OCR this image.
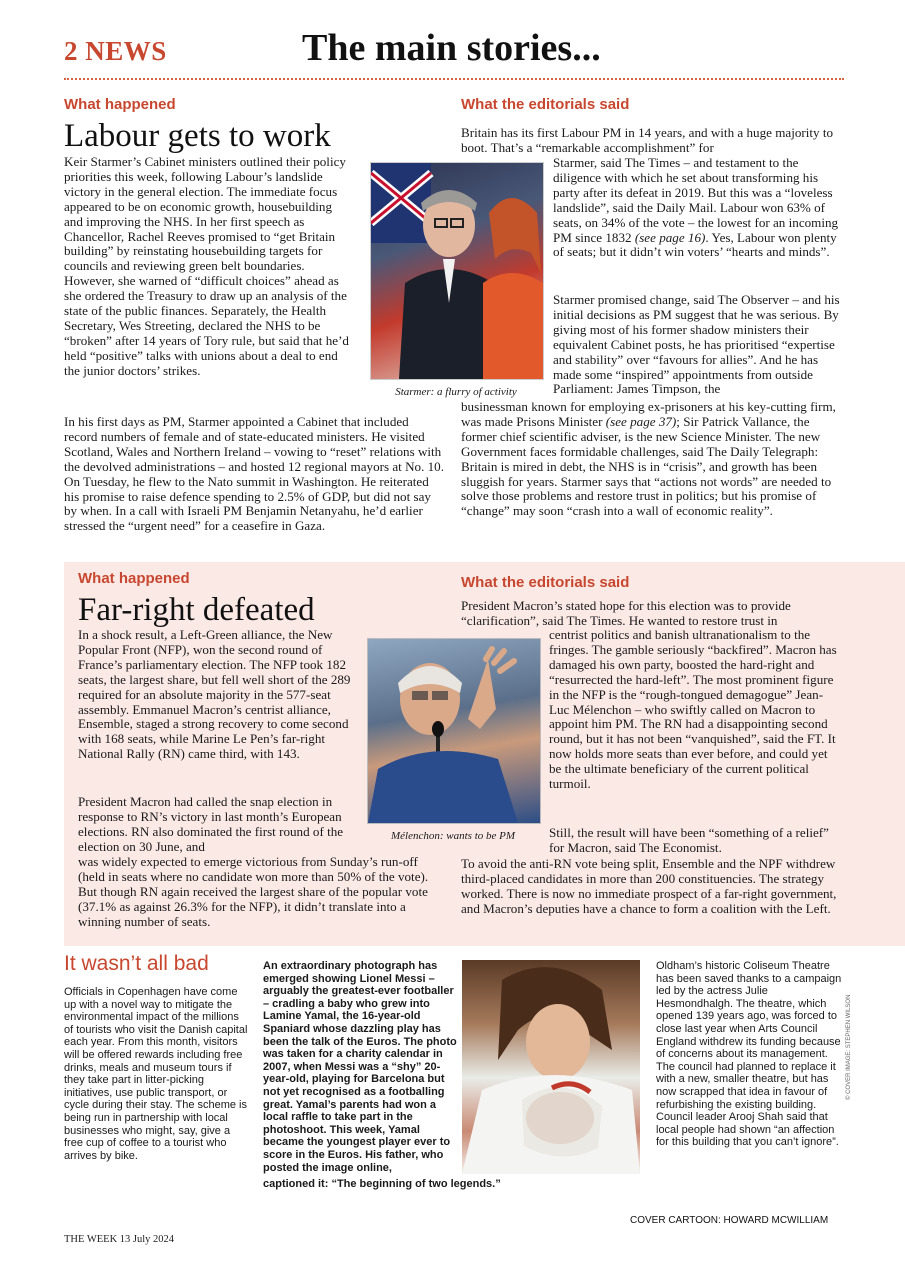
2 NEWS	The main stories...
What happened
Labour gets to work
Keir Starmer’s Cabinet ministers outlined their policy priorities this week, following Labour’s landslide victory in the general election. The immediate focus appeared to be on economic growth, housebuilding and improving the NHS. In her first speech as Chancellor, Rachel Reeves promised to “get Britain building” by reinstating housebuilding targets for councils and reviewing green belt boundaries. However, she warned of “difficult choices” ahead as she ordered the Treasury to draw up an analysis of the state of the public finances. Separately, the Health Secretary, Wes Streeting, declared the NHS to be “broken” after 14 years of Tory rule, but said that he’d held “positive” talks with unions about a deal to end the junior doctors’ strikes.
In his first days as PM, Starmer appointed a Cabinet that included record numbers of female and of state-educated ministers. He visited Scotland, Wales and Northern Ireland – vowing to “reset” relations with the devolved administrations – and hosted 12 regional mayors at No. 10. On Tuesday, he flew to the Nato summit in Washington. He reiterated his promise to raise defence spending to 2.5% of GDP, but did not say by when. In a call with Israeli PM Benjamin Netanyahu, he’d earlier stressed the “urgent need” for a ceasefire in Gaza.
Starmer: a flurry of activity
What the editorials said
Britain has its first Labour PM in 14 years, and with a huge majority to boot. That’s a “remarkable accomplishment” for
Starmer, said The Times – and testament to the diligence with which he set about transforming his party after its defeat in 2019. But this was a “loveless landslide”, said the Daily Mail. Labour won 63% of seats, on 34% of the vote – the lowest for an incoming PM since 1832 (see page 16). Yes, Labour won plenty of seats; but it didn’t win voters’ “hearts and minds”.
Starmer promised change, said The Observer – and his initial decisions as PM suggest that he was serious. By giving most of his former shadow ministers their equivalent Cabinet posts, he has prioritised “expertise and stability” over “favours for allies”. And he has made some “inspired” appointments from outside Parliament: James Timpson, the
businessman known for employing ex-prisoners at his key-cutting firm, was made Prisons Minister (see page 37); Sir Patrick Vallance, the former chief scientific adviser, is the new Science Minister. The new Government faces formidable challenges, said The Daily Telegraph: Britain is mired in debt, the NHS is in “crisis”, and growth has been sluggish for years. Starmer says that “actions not words” are needed to solve those problems and restore trust in politics; but his promise of “change” may soon “crash into a wall of economic reality”.
What happened
Far-right defeated
In a shock result, a Left-Green alliance, the New Popular Front (NFP), won the second round of France’s parliamentary election. The NFP took 182 seats, the largest share, but fell well short of the 289 required for an absolute majority in the 577-seat assembly. Emmanuel Macron’s centrist alliance, Ensemble, staged a strong recovery to come second with 168 seats, while Marine Le Pen’s far-right National Rally (RN) came third, with 143.
President Macron had called the snap election in response to RN’s victory in last month’s European elections. RN also dominated the first round of the election on 30 June, and
was widely expected to emerge victorious from Sunday’s run-off (held in seats where no candidate won more than 50% of the vote). But though RN again received the largest share of the popular vote (37.1% as against 26.3% for the NFP), it didn’t translate into a winning number of seats.
Mélenchon: wants to be PM
What the editorials said
President Macron’s stated hope for this election was to provide “clarification”, said The Times. He wanted to restore trust in
centrist politics and banish ultranationalism to the fringes. The gamble seriously “backfired”. Macron has damaged his own party, boosted the hard-right and “resurrected the hard-left”. The most prominent figure in the NFP is the “rough-tongued demagogue” Jean-Luc Mélenchon – who swiftly called on Macron to appoint him PM. The RN had a disappointing second round, but it has not been “vanquished”, said the FT. It now holds more seats than ever before, and could yet be the ultimate beneficiary of the current political turmoil.
Still, the result will have been “something of a relief” for Macron, said The Economist.
To avoid the anti-RN vote being split, Ensemble and the NPF withdrew third-placed candidates in more than 200 constituencies. The strategy worked. There is now no immediate prospect of a far-right government, and Macron’s deputies have a chance to form a coalition with the Left.
It wasn’t all bad
Officials in Copenhagen have come up with a novel way to mitigate the environmental impact of the millions of tourists who visit the Danish capital each year. From this month, visitors will be offered rewards including free drinks, meals and museum tours if they take part in litter-picking initiatives, use public transport, or cycle during their stay. The scheme is being run in partnership with local businesses who might, say, give a free cup of coffee to a tourist who arrives by bike.
An extraordinary photograph has emerged showing Lionel Messi – arguably the greatest-ever footballer – cradling a baby who grew into Lamine Yamal, the 16-year-old Spaniard whose dazzling play has been the talk of the Euros. The photo was taken for a charity calendar in 2007, when Messi was a “shy” 20-year-old, playing for Barcelona but not yet recognised as a footballing great. Yamal’s parents had won a local raffle to take part in the photoshoot. This week, Yamal became the youngest player ever to score in the Euros. His father, who posted the image online,
captioned it: “The beginning of two legends.”
Oldham’s historic Coliseum Theatre has been saved thanks to a campaign led by the actress Julie Hesmondhalgh. The theatre, which opened 139 years ago, was forced to close last year when Arts Council England withdrew its funding because of concerns about its management. The council had planned to replace it with a new, smaller theatre, but has now scrapped that idea in favour of refurbishing the existing building. Council leader Arooj Shah said that local people had shown “an affection for this building that you can’t ignore”.
© COVER IMAGE: STEPHEN WILSON
COVER CARTOON: HOWARD MCWILLIAM
THE WEEK 13 July 2024
